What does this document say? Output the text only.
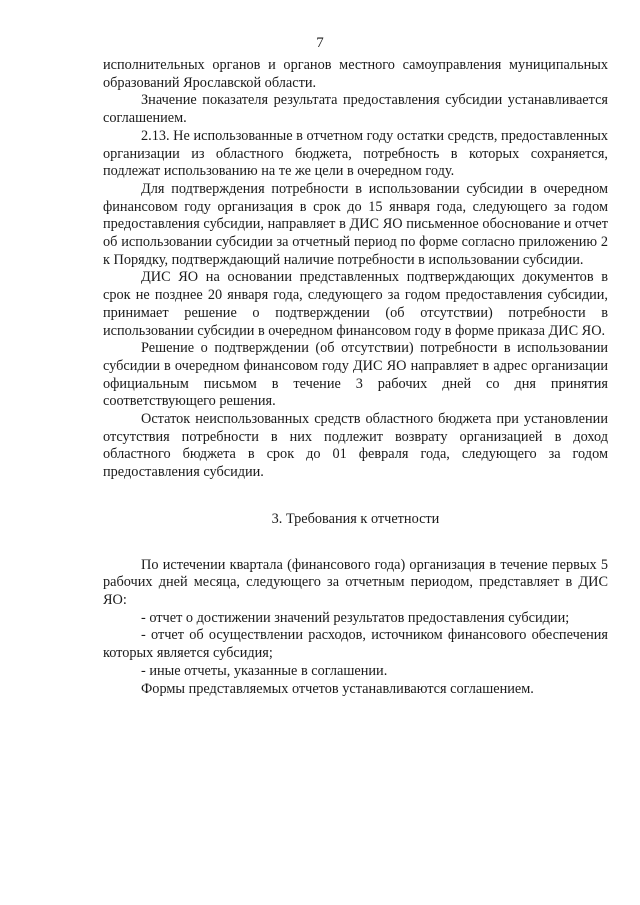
7

исполнительных органов и органов местного самоуправления муниципальных образований Ярославской области.

Значение показателя результата предоставления субсидии устанавливается соглашением.

2.13. Не использованные в отчетном году остатки средств, предоставленных организации из областного бюджета, потребность в которых сохраняется, подлежат использованию на те же цели в очередном году.

Для подтверждения потребности в использовании субсидии в очередном финансовом году организация в срок до 15 января года, следующего за годом предоставления субсидии, направляет в ДИС ЯО письменное обоснование и отчет об использовании субсидии за отчетный период по форме согласно приложению 2 к Порядку, подтверждающий наличие потребности в использовании субсидии.

ДИС ЯО на основании представленных подтверждающих документов в срок не позднее 20 января года, следующего за годом предоставления субсидии, принимает решение о подтверждении (об отсутствии) потребности в использовании субсидии в очередном финансовом году в форме приказа ДИС ЯО.

Решение о подтверждении (об отсутствии) потребности в использовании субсидии в очередном финансовом году ДИС ЯО направляет в адрес организации официальным письмом в течение 3 рабочих дней со дня принятия соответствующего решения.

Остаток неиспользованных средств областного бюджета при установлении отсутствия потребности в них подлежит возврату организацией в доход областного бюджета в срок до 01 февраля года, следующего за годом предоставления субсидии.

3. Требования к отчетности

По истечении квартала (финансового года) организация в течение первых 5 рабочих дней месяца, следующего за отчетным периодом, представляет в ДИС ЯО:

- отчет о достижении значений результатов предоставления субсидии;

- отчет об осуществлении расходов, источником финансового обеспечения которых является субсидия;

- иные отчеты, указанные в соглашении.

Формы представляемых отчетов устанавливаются соглашением.
